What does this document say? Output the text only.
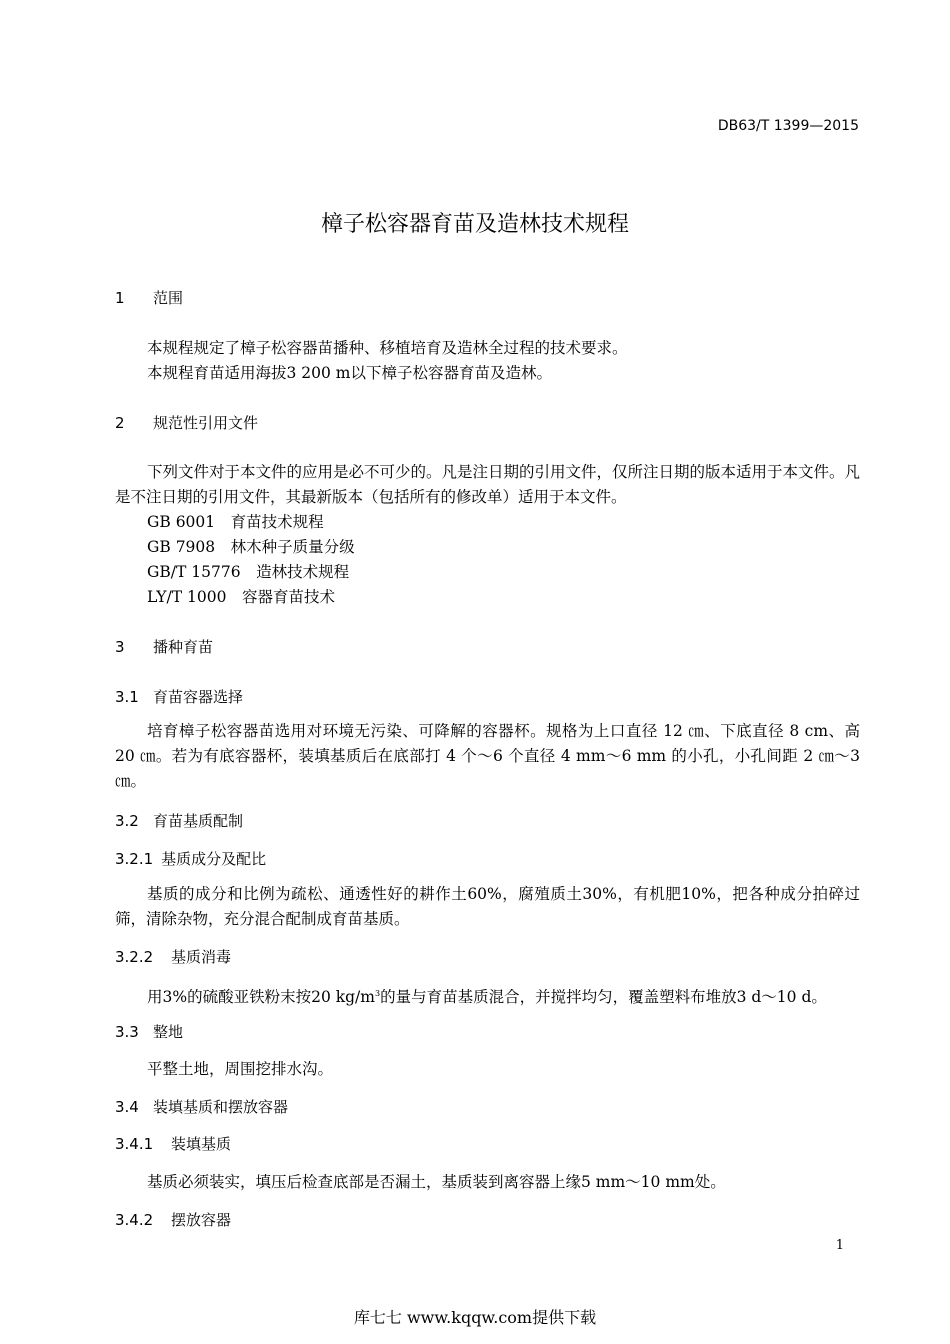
DB63/T 1399—2015
樟子松容器育苗及造林技术规程
1 范围
本规程规定了樟子松容器苗播种、移植培育及造林全过程的技术要求。
本规程育苗适用海拔3 200 m以下樟子松容器育苗及造林。
2 规范性引用文件
下列文件对于本文件的应用是必不可少的。凡是注日期的引用文件，仅所注日期的版本适用于本文件。凡是不注日期的引用文件，其最新版本（包括所有的修改单）适用于本文件。
GB 6001　育苗技术规程
GB 7908　林木种子质量分级
GB/T 15776　造林技术规程
LY/T 1000　容器育苗技术
3 播种育苗
3.1 育苗容器选择
培育樟子松容器苗选用对环境无污染、可降解的容器杯。规格为上口直径 12 ㎝、下底直径 8 cm、高 20 ㎝。若为有底容器杯，装填基质后在底部打 4 个～6 个直径 4 mm～6 mm 的小孔，小孔间距 2 ㎝～3 ㎝。
3.2 育苗基质配制
3.2.1 基质成分及配比
基质的成分和比例为疏松、通透性好的耕作土60%，腐殖质土30%，有机肥10%，把各种成分拍碎过筛，清除杂物，充分混合配制成育苗基质。
3.2.2 基质消毒
用3%的硫酸亚铁粉末按20 $kg/m^3$的量与育苗基质混合，并搅拌均匀，覆盖塑料布堆放3 d～10 d。
3.3 整地
平整土地，周围挖排水沟。
3.4 装填基质和摆放容器
3.4.1 装填基质
基质必须装实，填压后检查底部是否漏土，基质装到离容器上缘5 mm～10 mm处。
3.4.2 摆放容器
1
库七七 www.kqqw.com提供下载
